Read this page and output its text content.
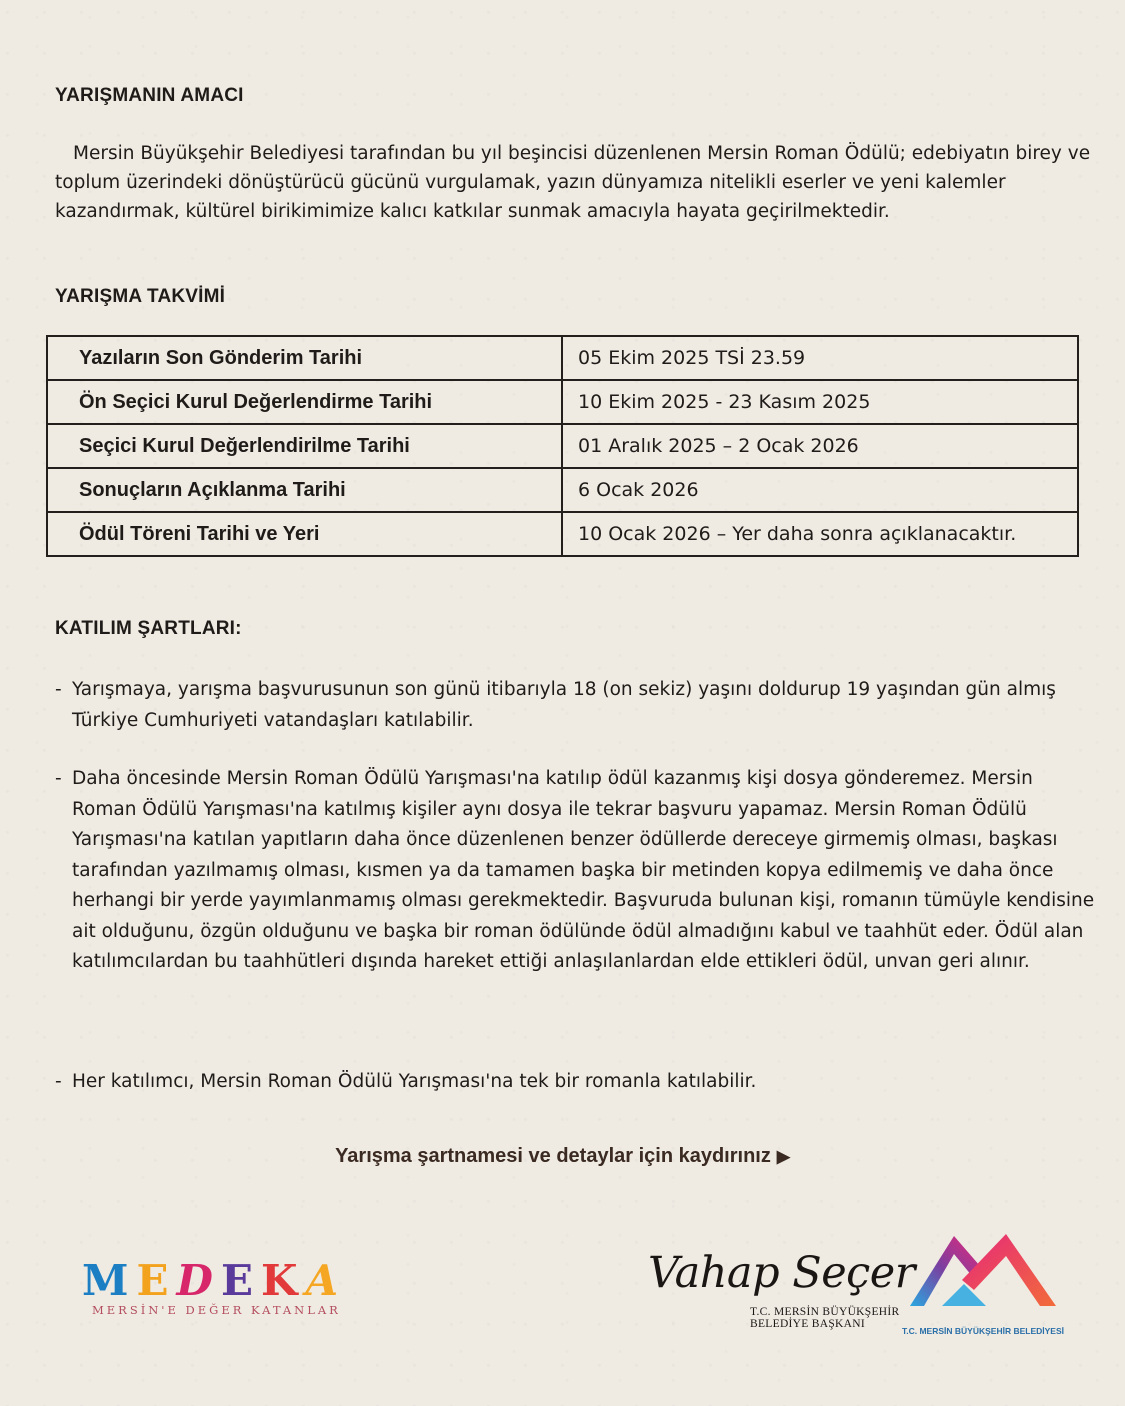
YARIŞMANIN AMACI

Mersin Büyükşehir Belediyesi tarafından bu yıl beşincisi düzenlenen Mersin Roman Ödülü; edebiyatın birey ve toplum üzerindeki dönüştürücü gücünü vurgulamak, yazın dünyamıza nitelikli eserler ve yeni kalemler kazandırmak, kültürel birikimimize kalıcı katkılar sunmak amacıyla hayata geçirilmektedir.

YARIŞMA TAKVİMİ
Yazıların Son Gönderim Tarihi	05 Ekim 2025 TSİ 23.59
Ön Seçici Kurul Değerlendirme Tarihi	10 Ekim 2025 - 23 Kasım 2025
Seçici Kurul Değerlendirilme Tarihi	01 Aralık 2025 – 2 Ocak 2026
Sonuçların Açıklanma Tarihi	6 Ocak 2026
Ödül Töreni Tarihi ve Yeri	10 Ocak 2026 – Yer daha sonra açıklanacaktır.
KATILIM ŞARTLARI:
- Yarışmaya, yarışma başvurusunun son günü itibarıyla 18 (on sekiz) yaşını doldurup 19 yaşından gün almış Türkiye Cumhuriyeti vatandaşları katılabilir.
- Daha öncesinde Mersin Roman Ödülü Yarışması'na katılıp ödül kazanmış kişi dosya gönderemez. Mersin Roman Ödülü Yarışması'na katılmış kişiler aynı dosya ile tekrar başvuru yapamaz. Mersin Roman Ödülü Yarışması'na katılan yapıtların daha önce düzenlenen benzer ödüllerde dereceye girmemiş olması, başkası tarafından yazılmamış olması, kısmen ya da tamamen başka bir metinden kopya edilmemiş ve daha önce herhangi bir yerde yayımlanmamış olması gerekmektedir. Başvuruda bulunan kişi, romanın tümüyle kendisine ait olduğunu, özgün olduğunu ve başka bir roman ödülünde ödül almadığını kabul ve taahhüt eder. Ödül alan katılımcılardan bu taahhütleri dışında hareket ettiği anlaşılanlardan elde ettikleri ödül, unvan geri alınır.
- Her katılımcı, Mersin Roman Ödülü Yarışması'na tek bir romanla katılabilir.
Yarışma şartnamesi ve detaylar için kaydırınız ▶
MEDEKA
MERSİN'E DEĞER KATANLAR
Vahap Seçer
T.C. MERSİN BÜYÜKŞEHİR
BELEDİYE BAŞKANI
T.C. MERSİN BÜYÜKŞEHİR BELEDİYESİ
